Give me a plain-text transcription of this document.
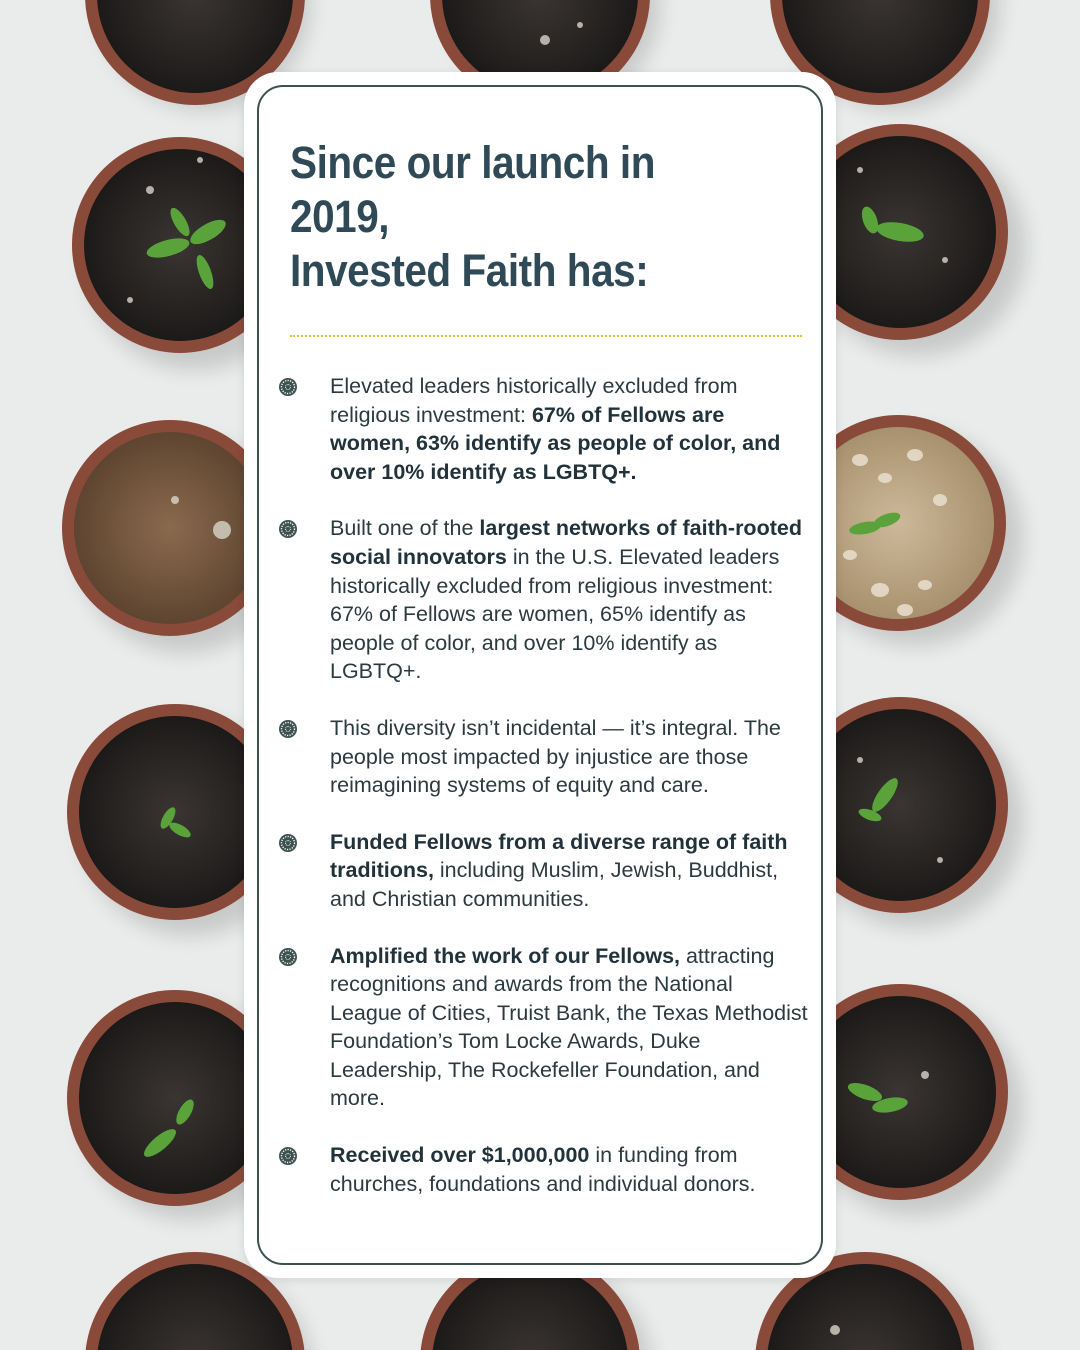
Since our launch in 2019,
Invested Faith has:
Elevated leaders historically excluded from religious investment: 67% of Fellows are women, 63% identify as people of color, and over 10% identify as LGBTQ+.
Built one of the largest networks of faith-rooted social innovators in the U.S. Elevated leaders historically excluded from religious investment: 67% of Fellows are women, 65% identify as people of color, and over 10% identify as LGBTQ+.
This diversity isn’t incidental — it’s integral. The people most impacted by injustice are those reimagining systems of equity and care.
Funded Fellows from a diverse range of faith traditions, including Muslim, Jewish, Buddhist, and Christian communities.
Amplified the work of our Fellows, attracting recognitions and awards from the National League of Cities, Truist Bank, the Texas Methodist Foundation’s Tom Locke Awards, Duke Leadership, The Rockefeller Foundation, and more.
Received over $1,000,000 in funding from churches, foundations and individual donors.
